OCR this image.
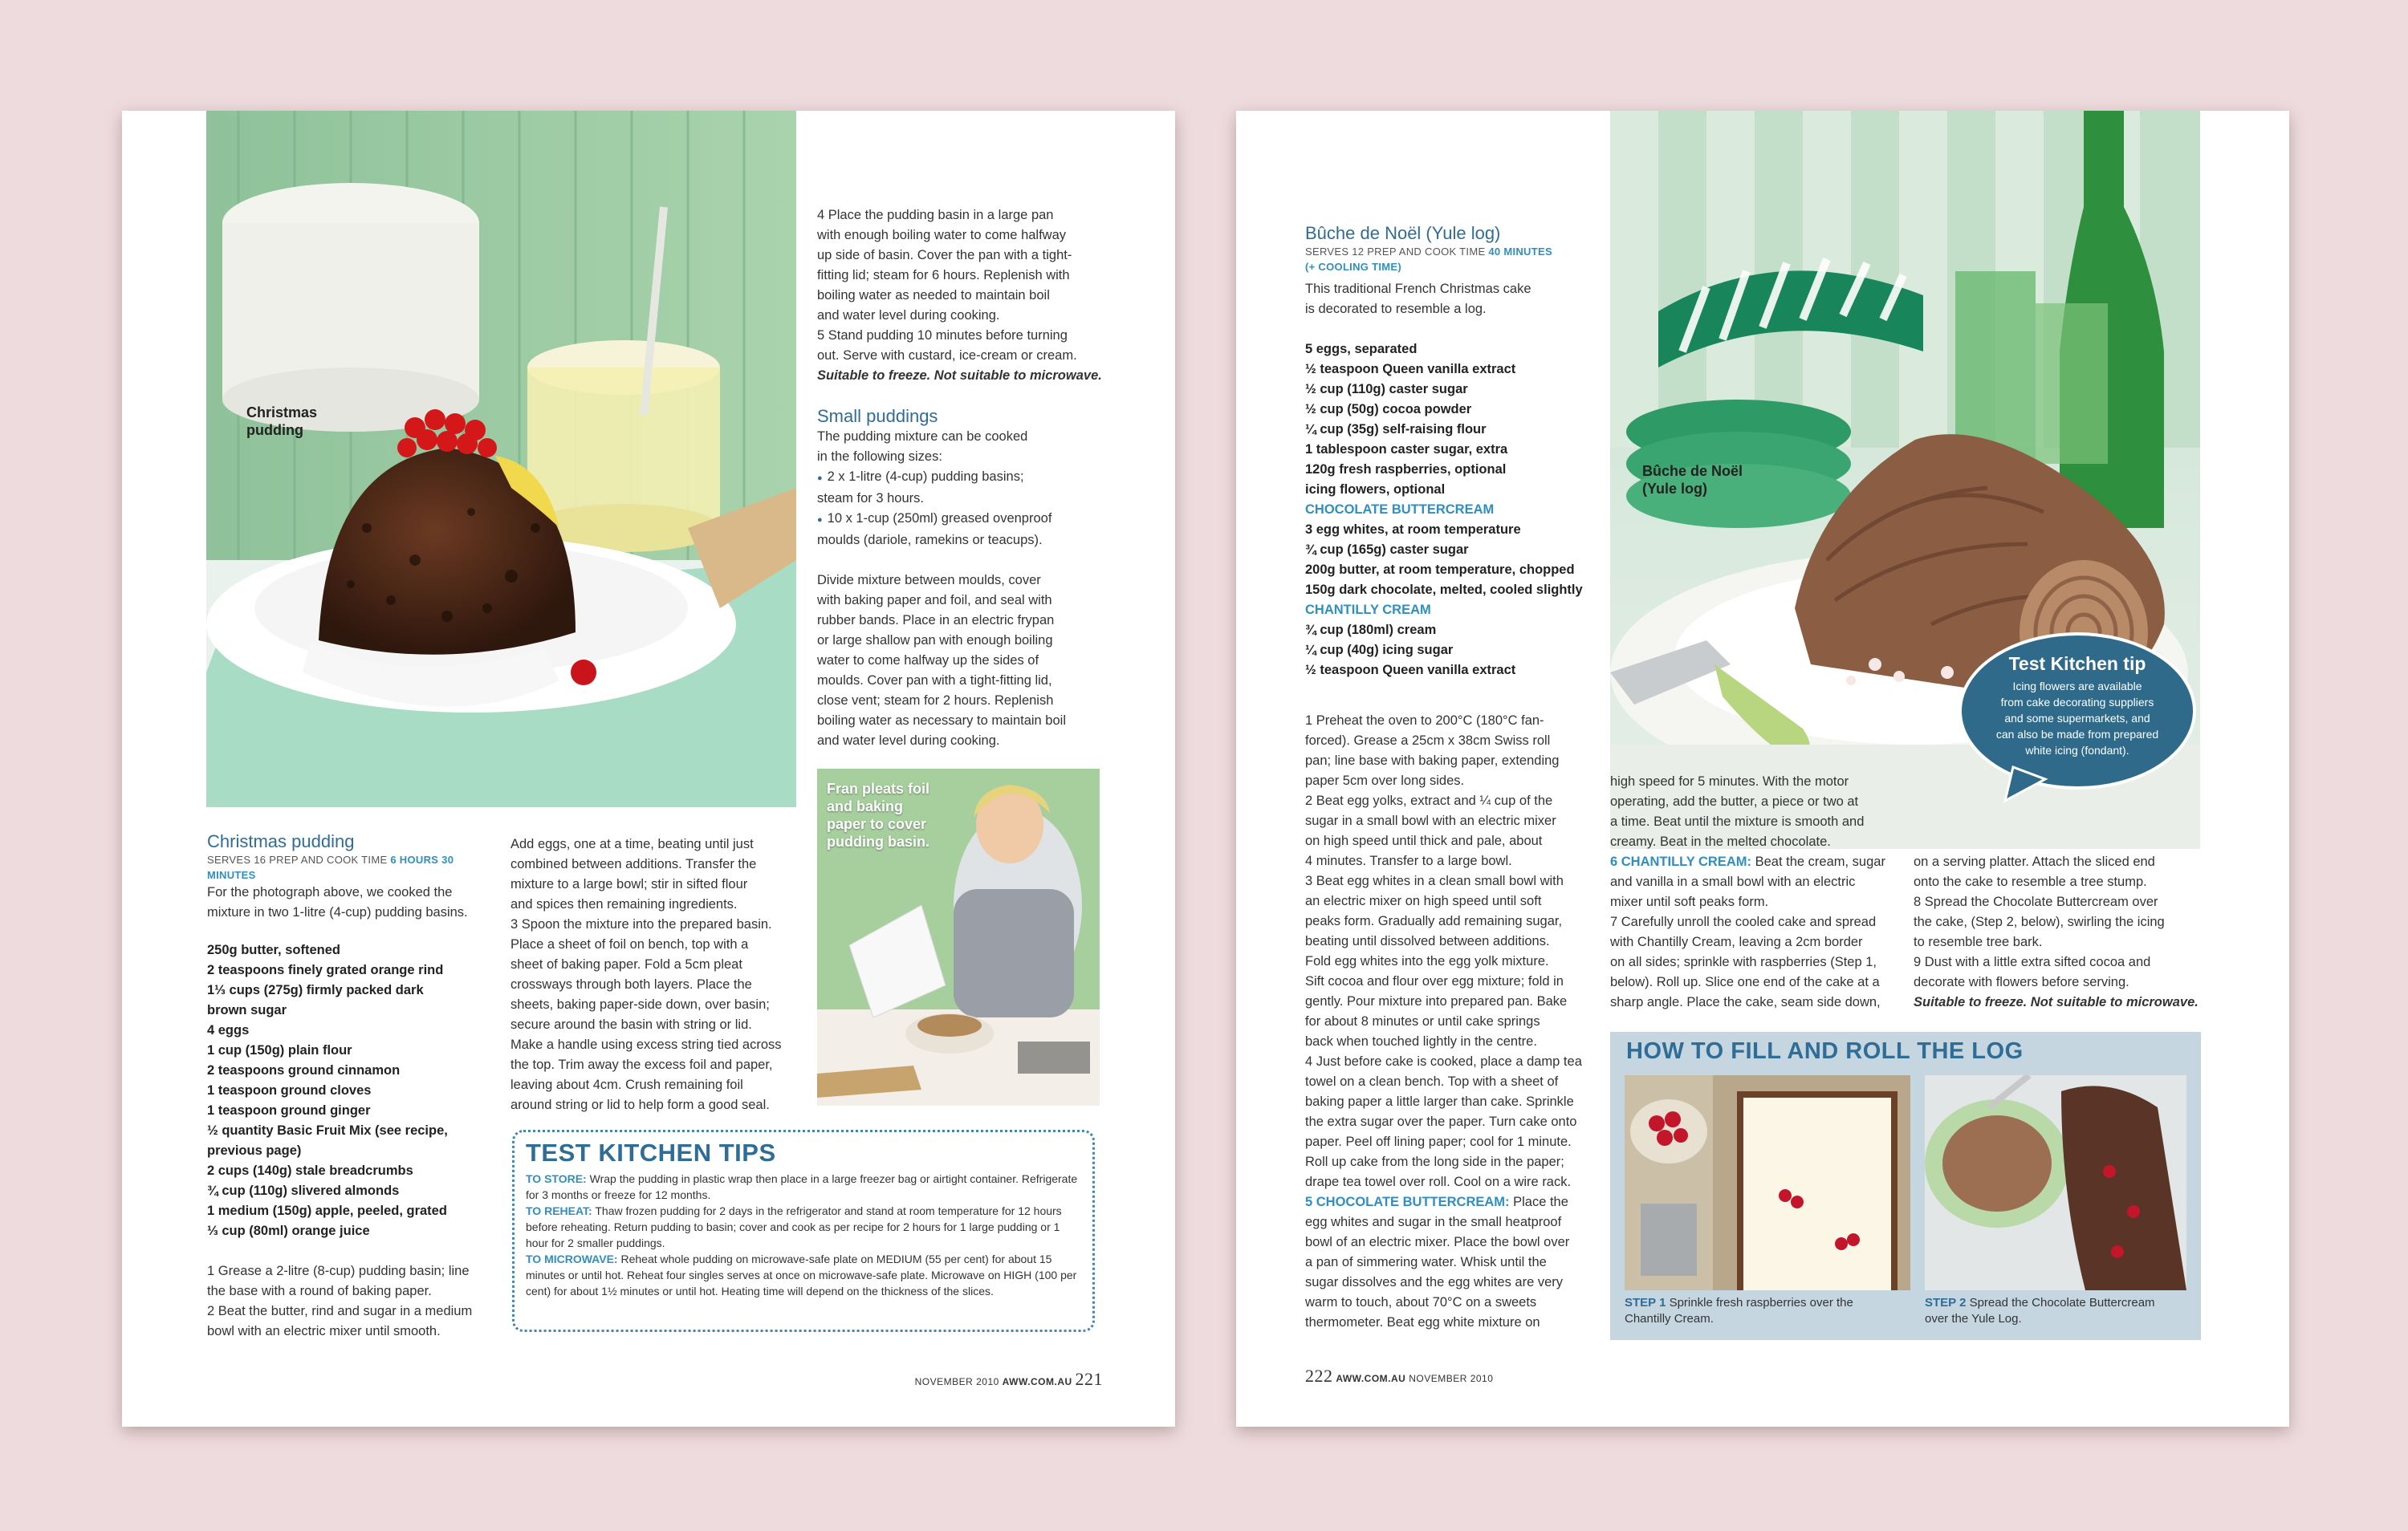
Christmas
pudding

4 Place the pudding basin in a large pan

with enough boiling water to come halfway

up side of basin. Cover the pan with a tight-

fitting lid; steam for 6 hours. Replenish with

boiling water as needed to maintain boil

and water level during cooking.

5 Stand pudding 10 minutes before turning

out. Serve with custard, ice-cream or cream.

Suitable to freeze. Not suitable to microwave.

Small puddings

The pudding mixture can be cooked

in the following sizes:

● 2 x 1-litre (4-cup) pudding basins;

steam for 3 hours.

● 10 x 1-cup (250ml) greased ovenproof

moulds (dariole, ramekins or teacups).

Divide mixture between moulds, cover

with baking paper and foil, and seal with

rubber bands. Place in an electric frypan

or large shallow pan with enough boiling

water to come halfway up the sides of

moulds. Cover pan with a tight-fitting lid,

close vent; steam for 2 hours. Replenish

boiling water as necessary to maintain boil

and water level during cooking.

Fran pleats foil
and baking
paper to cover
pudding basin.
Christmas pudding
SERVES 16 PREP AND COOK TIME 6 HOURS 30 MINUTES
For the photograph above, we cooked the mixture in two 1-litre (4-cup) pudding basins.
250g butter, softened
2 teaspoons finely grated orange rind
1⅓ cups (275g) firmly packed dark
brown sugar
4 eggs
1 cup (150g) plain flour
2 teaspoons ground cinnamon
1 teaspoon ground cloves
1 teaspoon ground ginger
½ quantity Basic Fruit Mix (see recipe,
previous page)
2 cups (140g) stale breadcrumbs
¾ cup (110g) slivered almonds
1 medium (150g) apple, peeled, grated
⅓ cup (80ml) orange juice

1 Grease a 2-litre (8-cup) pudding basin; line

the base with a round of baking paper.

2 Beat the butter, rind and sugar in a medium

bowl with an electric mixer until smooth.

Add eggs, one at a time, beating until just

combined between additions. Transfer the

mixture to a large bowl; stir in sifted flour

and spices then remaining ingredients.

3 Spoon the mixture into the prepared basin.

Place a sheet of foil on bench, top with a

sheet of baking paper. Fold a 5cm pleat

crossways through both layers. Place the

sheets, baking paper-side down, over basin;

secure around the basin with string or lid.

Make a handle using excess string tied across

the top. Trim away the excess foil and paper,

leaving about 4cm. Crush remaining foil

around string or lid to help form a good seal.

TEST KITCHEN TIPS
TO STORE: Wrap the pudding in plastic wrap then place in a large freezer bag or airtight container. Refrigerate for 3 months or freeze for 12 months.
TO REHEAT: Thaw frozen pudding for 2 days in the refrigerator and stand at room temperature for 12 hours before reheating. Return pudding to basin; cover and cook as per recipe for 2 hours for 1 large pudding or 1 hour for 2 smaller puddings.
TO MICROWAVE: Reheat whole pudding on microwave-safe plate on MEDIUM (55 per cent) for about 15 minutes or until hot. Reheat four singles serves at once on microwave-safe plate. Microwave on HIGH (100 per cent) for about 1½ minutes or until hot. Heating time will depend on the thickness of the slices.
NOVEMBER 2010 AWW.COM.AU 221
Bûche de Noël
(Yule log)
Test Kitchen tip
Icing flowers are available
from cake decorating suppliers
and some supermarkets, and
can also be made from prepared
white icing (fondant).
Bûche de Noël (Yule log)
SERVES 12 PREP AND COOK TIME 40 MINUTES
(+ COOLING TIME)

This traditional French Christmas cake

is decorated to resemble a log.

5 eggs, separated
½ teaspoon Queen vanilla extract
½ cup (110g) caster sugar
½ cup (50g) cocoa powder
¼ cup (35g) self-raising flour
1 tablespoon caster sugar, extra
120g fresh raspberries, optional
icing flowers, optional
CHOCOLATE BUTTERCREAM
3 egg whites, at room temperature
¾ cup (165g) caster sugar
200g butter, at room temperature, chopped
150g dark chocolate, melted, cooled slightly
CHANTILLY CREAM
¾ cup (180ml) cream
¼ cup (40g) icing sugar
½ teaspoon Queen vanilla extract

1 Preheat the oven to 200°C (180°C fan-

forced). Grease a 25cm x 38cm Swiss roll

pan; line base with baking paper, extending

paper 5cm over long sides.

2 Beat egg yolks, extract and ¼ cup of the

sugar in a small bowl with an electric mixer

on high speed until thick and pale, about

4 minutes. Transfer to a large bowl.

3 Beat egg whites in a clean small bowl with

an electric mixer on high speed until soft

peaks form. Gradually add remaining sugar,

beating until dissolved between additions.

Fold egg whites into the egg yolk mixture.

Sift cocoa and flour over egg mixture; fold in

gently. Pour mixture into prepared pan. Bake

for about 8 minutes or until cake springs

back when touched lightly in the centre.

4 Just before cake is cooked, place a damp tea

towel on a clean bench. Top with a sheet of

baking paper a little larger than cake. Sprinkle

the extra sugar over the paper. Turn cake onto

paper. Peel off lining paper; cool for 1 minute.

Roll up cake from the long side in the paper;

drape tea towel over roll. Cool on a wire rack.

5 CHOCOLATE BUTTERCREAM: Place the

egg whites and sugar in the small heatproof

bowl of an electric mixer. Place the bowl over

a pan of simmering water. Whisk until the

sugar dissolves and the egg whites are very

warm to touch, about 70°C on a sweets

thermometer. Beat egg white mixture on

high speed for 5 minutes. With the motor

operating, add the butter, a piece or two at

a time. Beat until the mixture is smooth and

creamy. Beat in the melted chocolate.

6 CHANTILLY CREAM: Beat the cream, sugar

and vanilla in a small bowl with an electric

mixer until soft peaks form.

7 Carefully unroll the cooled cake and spread

with Chantilly Cream, leaving a 2cm border

on all sides; sprinkle with raspberries (Step 1,

below). Roll up. Slice one end of the cake at a

sharp angle. Place the cake, seam side down,

on a serving platter. Attach the sliced end

onto the cake to resemble a tree stump.

8 Spread the Chocolate Buttercream over

the cake, (Step 2, below), swirling the icing

to resemble tree bark.

9 Dust with a little extra sifted cocoa and

decorate with flowers before serving.

Suitable to freeze. Not suitable to microwave.

HOW TO FILL AND ROLL THE LOG
STEP 1 Sprinkle fresh raspberries over the
Chantilly Cream.
STEP 2 Spread the Chocolate Buttercream
over the Yule Log.
222 AWW.COM.AU NOVEMBER 2010
